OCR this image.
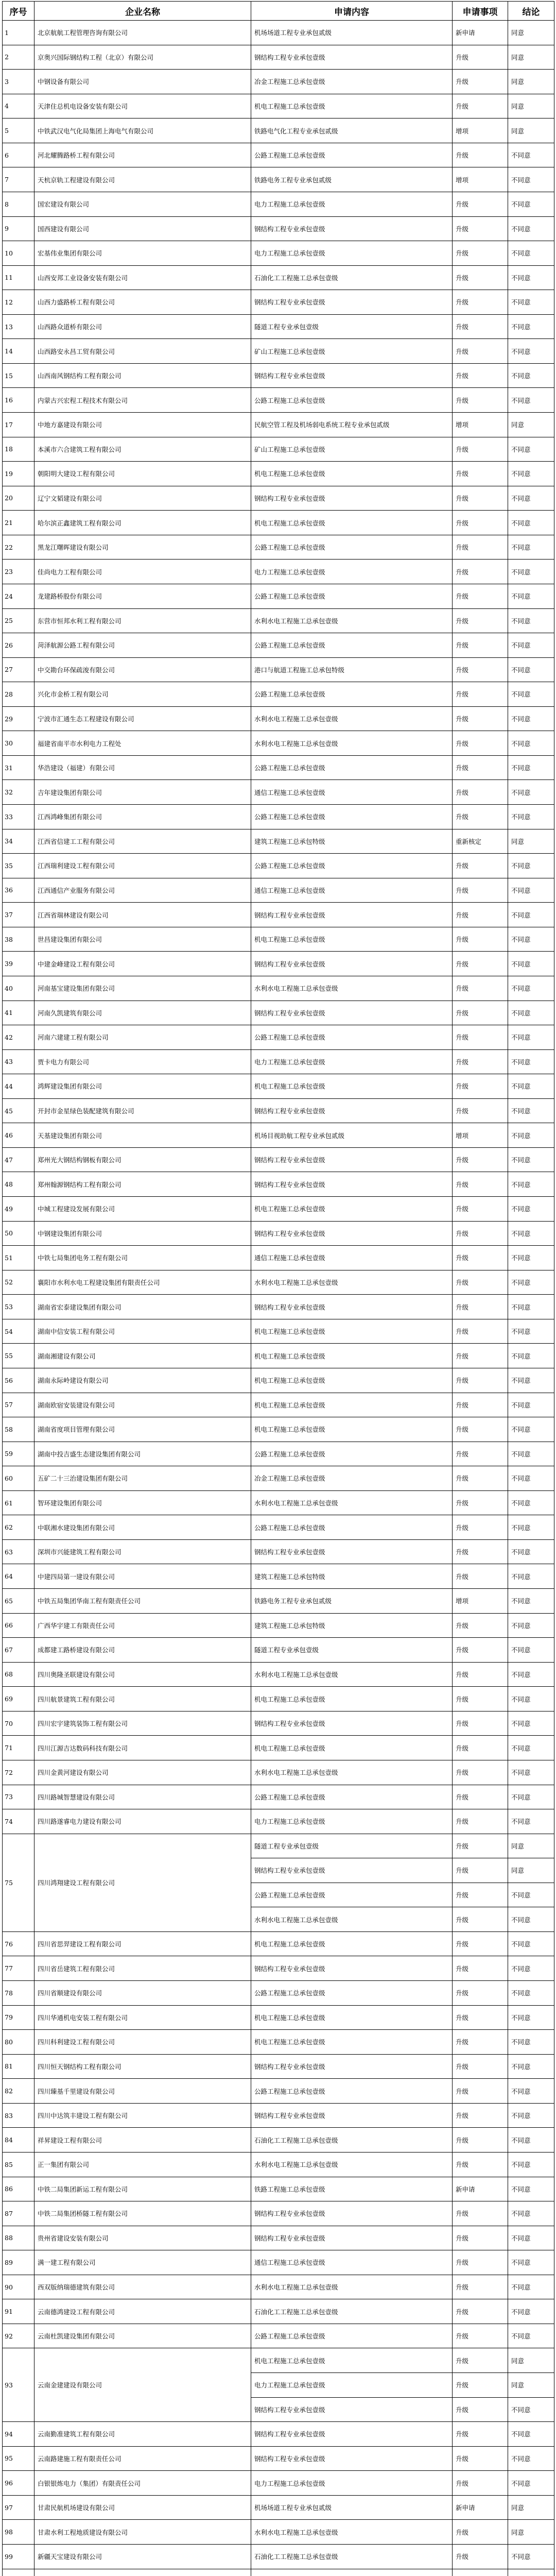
序号	企业名称	申请内容	申请事项	结论
1	北京航航工程管理咨询有限公司	机场场道工程专业承包贰级	新申请	同意
2	京奥兴国际钢结构工程（北京）有限公司	钢结构工程专业承包壹级	升级	同意
3	中钢设备有限公司	冶金工程施工总承包壹级	升级	同意
4	天津住总机电设备安装有限公司	机电工程施工总承包壹级	升级	同意
5	中铁武汉电气化局集团上海电气有限公司	铁路电气化工程专业承包贰级	增项	同意
6	河北耀腾路桥工程有限公司	公路工程施工总承包壹级	升级	不同意
7	天杭京轨工程建设有限公司	铁路电务工程专业承包贰级	增项	不同意
8	国宏建设有限公司	电力工程施工总承包壹级	升级	不同意
9	国西建设有限公司	钢结构工程专业承包壹级	升级	不同意
10	宏基伟业集团有限公司	电力工程施工总承包壹级	升级	不同意
11	山西安邦工业设备安装有限公司	石油化工工程施工总承包壹级	升级	不同意
12	山西力盛路桥工程有限公司	钢结构工程专业承包壹级	升级	不同意
13	山西路众道桥有限公司	隧道工程专业承包壹级	升级	不同意
14	山西路安永昌工贸有限公司	矿山工程施工总承包壹级	升级	不同意
15	山西南风钢结构工程有限公司	钢结构工程专业承包壹级	升级	不同意
16	内蒙古兴宏程工程技术有限公司	公路工程施工总承包壹级	升级	不同意
17	中地方嘉建设有限公司	民航空管工程及机场弱电系统工程专业承包贰级	增项	同意
18	本溪市六合建筑工程有限公司	矿山工程施工总承包壹级	升级	不同意
19	朝阳明大建设工程有限公司	机电工程施工总承包壹级	升级	不同意
20	辽宁文韬建设有限公司	钢结构工程专业承包壹级	升级	不同意
21	哈尔滨正鑫建筑工程有限公司	机电工程施工总承包壹级	升级	不同意
22	黑龙江曙晖建设有限公司	公路工程施工总承包壹级	升级	不同意
23	佳尚电力工程有限公司	电力工程施工总承包壹级	升级	不同意
24	龙建路桥股份有限公司	公路工程施工总承包壹级	升级	不同意
25	东营市恒邦水利工程有限公司	水利水电工程施工总承包壹级	升级	不同意
26	菏泽航源公路工程有限公司	公路工程施工总承包壹级	升级	不同意
27	中交勘台环保疏浚有限公司	港口与航道工程施工总承包特级	升级	不同意
28	兴化市金桥工程有限公司	公路工程施工总承包壹级	升级	不同意
29	宁波市汇通生态工程建设有限公司	水利水电工程施工总承包壹级	升级	不同意
30	福建省南平市水利电力工程处	水利水电工程施工总承包壹级	升级	不同意
31	华浩建设（福建）有限公司	公路工程施工总承包壹级	升级	不同意
32	吉年建设集团有限公司	通信工程施工总承包壹级	升级	不同意
33	江西鸿峰集团有限公司	公路工程施工总承包壹级	升级	不同意
34	江西省信建工工程有限公司	建筑工程施工总承包特级	重新核定	同意
35	江西瑞利建设工程有限公司	公路工程施工总承包壹级	升级	不同意
36	江西通信产业服务有限公司	通信工程施工总承包壹级	升级	不同意
37	江西省瑞林建设有限公司	钢结构工程专业承包壹级	升级	不同意
38	世昌建设集团有限公司	机电工程施工总承包壹级	升级	不同意
39	中建金峰建设工程有限公司	钢结构工程专业承包壹级	升级	不同意
40	河南基宝建设集团有限公司	水利水电工程施工总承包壹级	升级	不同意
41	河南久凯建筑有限公司	钢结构工程专业承包壹级	升级	不同意
42	河南六建建工程有限公司	公路工程施工总承包壹级	升级	不同意
43	贾卡电力有限公司	电力工程施工总承包壹级	升级	不同意
44	鸿辉建设集团有限公司	机电工程施工总承包壹级	升级	不同意
45	开封市金星绿色装配建筑有限公司	钢结构工程专业承包壹级	升级	不同意
46	天基建设集团有限公司	机场目视助航工程专业承包贰级	增项	不同意
47	郑州光大钢结构钢板有限公司	钢结构工程专业承包壹级	升级	不同意
48	郑州翰源钢结构工程有限公司	钢结构工程专业承包壹级	升级	不同意
49	中城工程建设发展有限公司	机电工程施工总承包壹级	升级	不同意
50	中钢建设集团有限公司	钢结构工程专业承包壹级	升级	不同意
51	中铁七局集团电务工程有限公司	通信工程施工总承包壹级	升级	不同意
52	襄阳市水利水电工程建设集团有限责任公司	水利水电工程施工总承包壹级	升级	不同意
53	湖南省宏泰建设集团有限公司	钢结构工程专业承包壹级	升级	不同意
54	湖南中信安装工程有限公司	机电工程施工总承包壹级	升级	不同意
55	湖南湘建设有限公司	机电工程施工总承包壹级	升级	不同意
56	湖南永际岭建设有限公司	机电工程施工总承包壹级	升级	不同意
57	湖南欧宿安装建设有限公司	机电工程施工总承包壹级	升级	不同意
58	湖南省度项目管理有限公司	机电工程施工总承包壹级	升级	不同意
59	湖南中投吉盛生态建设集团有限公司	公路工程施工总承包壹级	升级	不同意
60	五矿二十三治建设集团有限公司	冶金工程施工总承包壹级	升级	不同意
61	智环建设集团有限公司	水利水电工程施工总承包壹级	升级	不同意
62	中联湘水建设集团有限公司	公路工程施工总承包壹级	升级	不同意
63	深圳市兴能建筑工程有限公司	钢结构工程专业承包壹级	升级	不同意
64	中建四局第一建设有限公司	建筑工程施工总承包特级	升级	不同意
65	中铁五局集团华南工程有限责任公司	铁路电务工程专业承包贰级	增项	不同意
66	广西华宇建工有限责任公司	建筑工程施工总承包特级	升级	不同意
67	成都建工路桥建设有限公司	隧道工程专业承包壹级	升级	不同意
68	四川奥隆圣联建设有限公司	水利水电工程施工总承包壹级	升级	不同意
69	四川航景建筑工程有限公司	机电工程施工总承包壹级	升级	不同意
70	四川宏宇建筑装饰工程有限公司	钢结构工程专业承包壹级	升级	不同意
71	四川江源吉达数码科技有限公司	机电工程施工总承包壹级	升级	不同意
72	四川金黄河建设有限公司	水利水电工程施工总承包壹级	升级	不同意
73	四川路城智慧建设有限公司	公路工程施工总承包壹级	升级	不同意
74	四川路遂睿电力建设有限公司	电力工程施工总承包壹级	升级	不同意
75	四川鸿翔建设工程有限公司	隧道工程专业承包壹级	升级	同意
		钢结构工程专业承包壹级	升级	同意
		公路工程施工总承包壹级	升级	不同意
		水利水电工程施工总承包壹级	升级	不同意
76	四川省思羿建设工程有限公司	机电工程施工总承包壹级	升级	不同意
77	四川省岳建筑工程有限公司	钢结构工程专业承包壹级	升级	不同意
78	四川省顺建设有限公司	公路工程施工总承包壹级	升级	不同意
79	四川华通机电安装工程有限公司	机电工程施工总承包壹级	升级	不同意
80	四川科利建设工程有限公司	机电工程施工总承包壹级	升级	不同意
81	四川恒天钢结构工程有限公司	钢结构工程专业承包壹级	升级	不同意
82	四川臻基千里建设有限公司	公路工程施工总承包壹级	升级	不同意
83	四川中达筑丰建设工程有限公司	钢结构工程专业承包壹级	升级	不同意
84	祥昇建设工程有限公司	石油化工工程施工总承包壹级	升级	不同意
85	正一集团有限公司	水利水电工程施工总承包壹级	升级	不同意
86	中铁二局集团新运工程有限公司	铁路工程施工总承包壹级	新申请	不同意
87	中铁二局集团桥隧工程有限公司	钢结构工程专业承包壹级	升级	不同意
88	贵州省建设安装有限公司	钢结构工程专业承包壹级	升级	不同意
89	满一建工程有限公司	通信工程施工总承包壹级	升级	不同意
90	西双版纳瑞德建筑有限公司	水利水电工程施工总承包壹级	升级	不同意
91	云南德鸿建设工程有限公司	石油化工工程施工总承包壹级	升级	不同意
92	云南杜凯建设集团有限公司	公路工程施工总承包壹级	升级	不同意
93	云南金建建设有限公司	机电工程施工总承包壹级	升级	同意
		电力工程施工总承包壹级	升级	同意
		钢结构工程专业承包壹级	升级	不同意
94	云南勤准建筑工程有限公司	钢结构工程专业承包壹级	升级	不同意
95	云南路建施工程有限责任公司	钢结构工程专业承包壹级	升级	不同意
96	白银银炼电力（集团）有限责任公司	电力工程施工总承包壹级	升级	不同意
97	甘肃民航机场建设有限公司	机场场道工程专业承包贰级	新申请	同意
98	甘肃水利工程地质建设有限公司	水利水电工程施工总承包壹级	升级	同意
99	新疆天宝建设有限公司	石油化工工程施工总承包壹级	升级	不同意
